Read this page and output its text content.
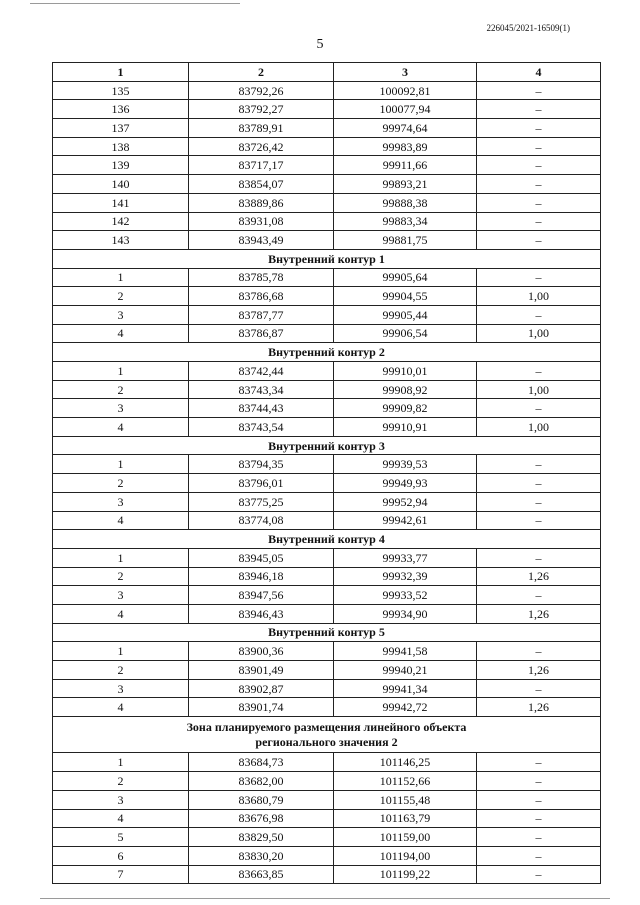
226045/2021-16509(1)
5
1	2	3	4
135	83792,26	100092,81	–
136	83792,27	100077,94	–
137	83789,91	99974,64	–
138	83726,42	99983,89	–
139	83717,17	99911,66	–
140	83854,07	99893,21	–
141	83889,86	99888,38	–
142	83931,08	99883,34	–
143	83943,49	99881,75	–
Внутренний контур 1			
1	83785,78	99905,64	–
2	83786,68	99904,55	1,00
3	83787,77	99905,44	–
4	83786,87	99906,54	1,00
Внутренний контур 2			
1	83742,44	99910,01	–
2	83743,34	99908,92	1,00
3	83744,43	99909,82	–
4	83743,54	99910,91	1,00
Внутренний контур 3			
1	83794,35	99939,53	–
2	83796,01	99949,93	–
3	83775,25	99952,94	–
4	83774,08	99942,61	–
Внутренний контур 4			
1	83945,05	99933,77	–
2	83946,18	99932,39	1,26
3	83947,56	99933,52	–
4	83946,43	99934,90	1,26
Внутренний контур 5			
1	83900,36	99941,58	–
2	83901,49	99940,21	1,26
3	83902,87	99941,34	–
4	83901,74	99942,72	1,26
Зона планируемого размещения линейного объекта
регионального значения 2			
1	83684,73	101146,25	–
2	83682,00	101152,66	–
3	83680,79	101155,48	–
4	83676,98	101163,79	–
5	83829,50	101159,00	–
6	83830,20	101194,00	–
7	83663,85	101199,22	–
